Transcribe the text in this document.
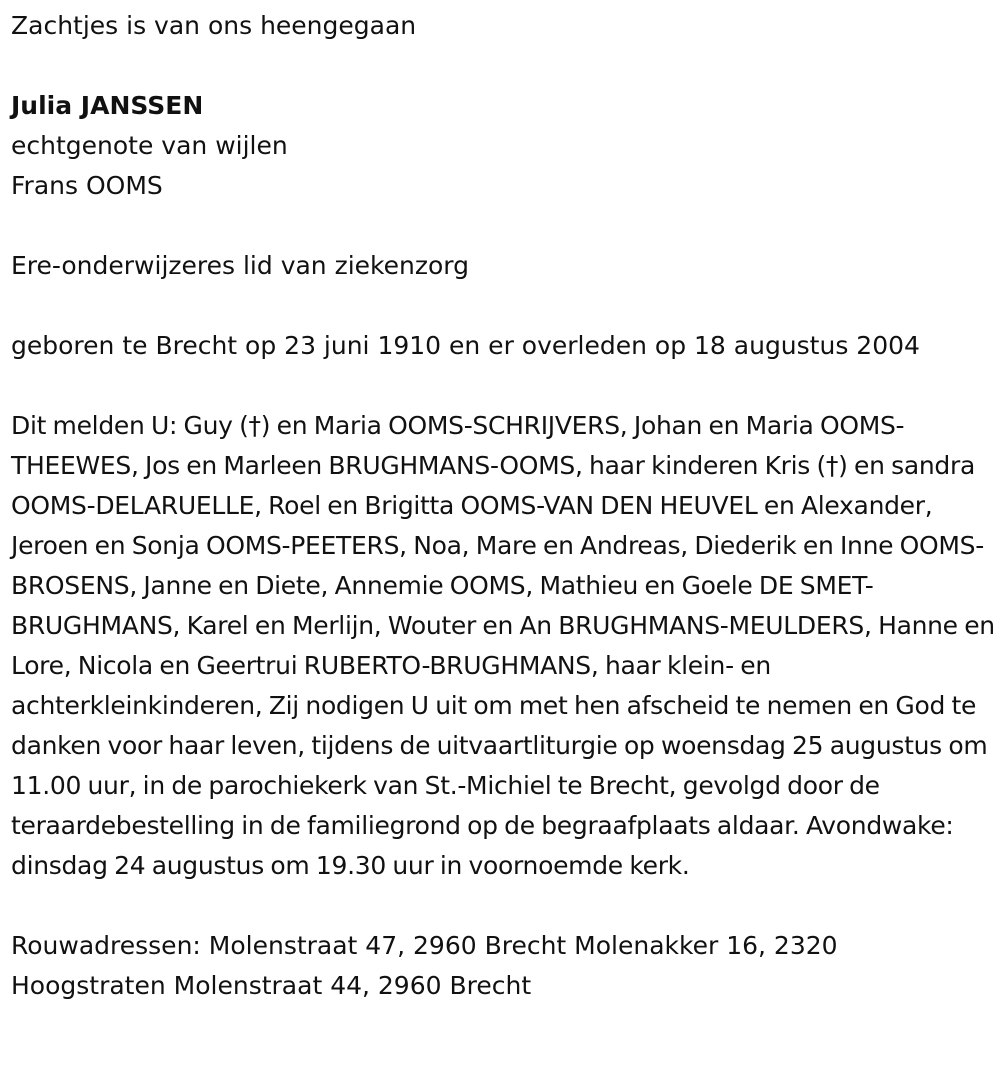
Zachtjes is van ons heengegaan

Julia JANSSEN

echtgenote van wijlen

Frans OOMS

Ere-onderwijzeres lid van ziekenzorg

geboren te Brecht op 23 juni 1910 en er overleden op 18 augustus 2004

Dit melden U: Guy (†) en Maria OOMS-SCHRIJVERS, Johan en Maria OOMS-THEEWES, Jos en Marleen BRUGHMANS-OOMS, haar kinderen Kris (†) en sandra OOMS-DELARUELLE, Roel en Brigitta OOMS-VAN DEN HEUVEL en Alexander, Jeroen en Sonja OOMS-PEETERS, Noa, Mare en Andreas, Diederik en Inne OOMS-BROSENS, Janne en Diete, Annemie OOMS, Mathieu en Goele DE SMET-BRUGHMANS, Karel en Merlijn, Wouter en An BRUGHMANS-MEULDERS, Hanne en Lore, Nicola en Geertrui RUBERTO-BRUGHMANS, haar klein- en achterkleinkinderen, Zij nodigen U uit om met hen afscheid te nemen en God te danken voor haar leven, tijdens de uitvaartliturgie op woensdag 25 augustus om 11.00 uur, in de parochiekerk van St.-Michiel te Brecht, gevolgd door de teraardebestelling in de familiegrond op de begraafplaats aldaar. Avondwake: dinsdag 24 augustus om 19.30 uur in voornoemde kerk.

Rouwadressen: Molenstraat 47, 2960 Brecht Molenakker 16, 2320 Hoogstraten Molenstraat 44, 2960 Brecht
